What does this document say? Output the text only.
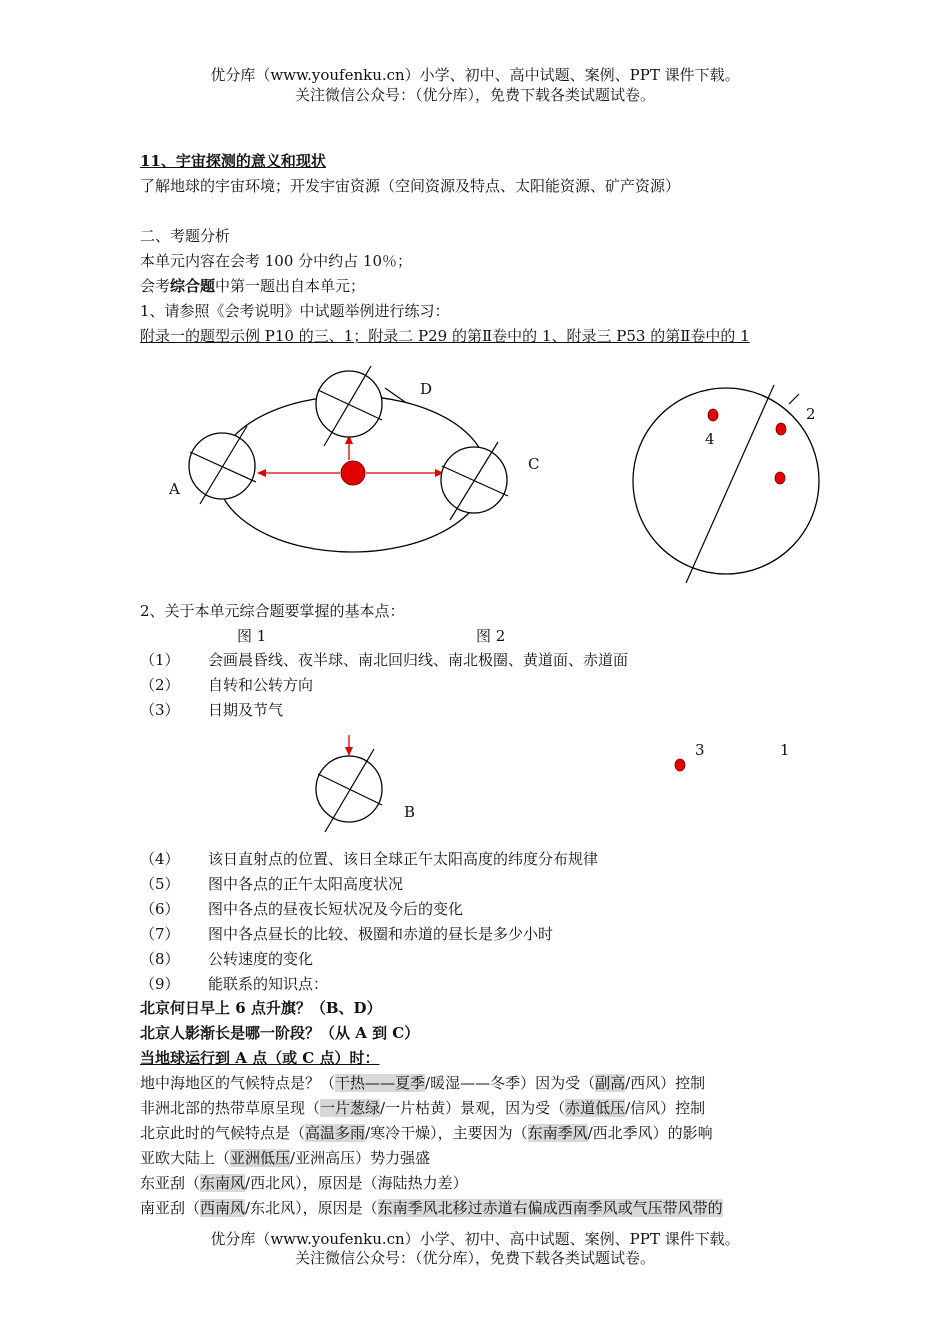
优分库（www.youfenku.cn）小学、初中、高中试题、案例、PPT 课件下载。
关注微信公众号：（优分库），免费下载各类试题试卷。
11、宇宙探测的意义和现状
了解地球的宇宙环境；开发宇宙资源（空间资源及特点、太阳能资源、矿产资源）
二、考题分析
本单元内容在会考 100 分中约占 10％；
会考综合题中第一题出自本单元；
1、请参照《会考说明》中试题举例进行练习：
附录一的题型示例 P10 的三、1；附录二 P29 的第Ⅱ卷中的 1、附录三 P53 的第Ⅱ卷中的 1
D
A
C
2
4
B
3	1
2、关于本单元综合题要掌握的基本点：
图 1	图 2
（1） 会画晨昏线、夜半球、南北回归线、南北极圈、黄道面、赤道面
（2） 自转和公转方向
（3） 日期及节气
（4） 该日直射点的位置、该日全球正午太阳高度的纬度分布规律
（5） 图中各点的正午太阳高度状况
（6） 图中各点的昼夜长短状况及今后的变化
（7） 图中各点昼长的比较、极圈和赤道的昼长是多少小时
（8） 公转速度的变化
（9） 能联系的知识点：
北京何日早上 6 点升旗？（B、D）
北京人影渐长是哪一阶段？（从 A 到 C）
当地球运行到 A 点（或 C 点）时：
地中海地区的气候特点是？（干热——夏季/暖湿——冬季）因为受（副高/西风）控制
非洲北部的热带草原呈现（一片葱绿/一片枯黄）景观，因为受（赤道低压/信风）控制
北京此时的气候特点是（高温多雨/寒冷干燥），主要因为（东南季风/西北季风）的影响
亚欧大陆上（亚洲低压/亚洲高压）势力强盛
东亚刮（东南风/西北风），原因是（海陆热力差）
南亚刮（西南风/东北风），原因是（东南季风北移过赤道右偏成西南季风或气压带风带的
优分库（www.youfenku.cn）小学、初中、高中试题、案例、PPT 课件下载。
关注微信公众号：（优分库），免费下载各类试题试卷。
